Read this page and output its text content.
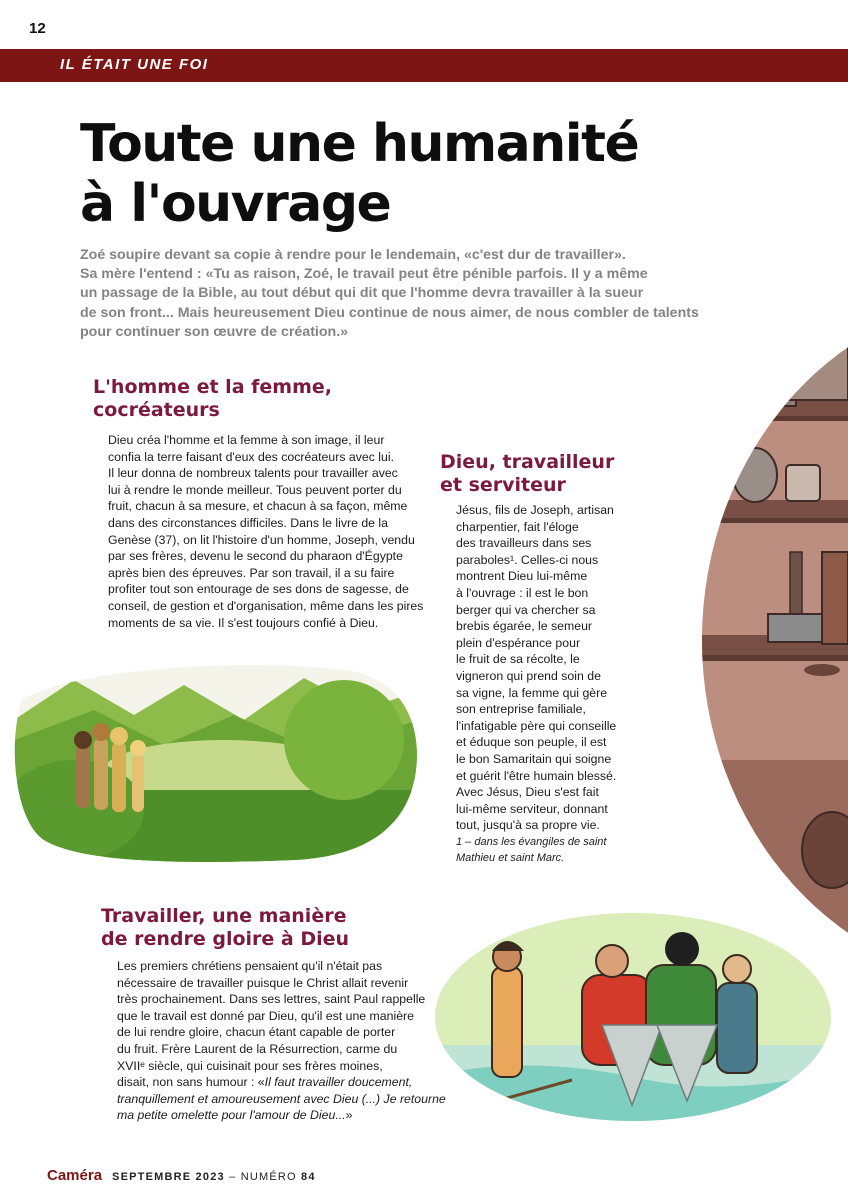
12
IL ÉTAIT UNE FOI
Toute une humanité
à l'ouvrage
Zoé soupire devant sa copie à rendre pour le lendemain, «c'est dur de travailler».
Sa mère l'entend : «Tu as raison, Zoé, le travail peut être pénible parfois. Il y a même
un passage de la Bible, au tout début qui dit que l'homme devra travailler à la sueur
de son front... Mais heureusement Dieu continue de nous aimer, de nous combler de talents
pour continuer son œuvre de création.»
L'homme et la femme,
cocréateurs
Dieu créa l'homme et la femme à son image, il leur
confia la terre faisant d'eux des cocréateurs avec lui.
Il leur donna de nombreux talents pour travailler avec
lui à rendre le monde meilleur. Tous peuvent porter du
fruit, chacun à sa mesure, et chacun à sa façon, même
dans des circonstances difficiles. Dans le livre de la
Genèse (37), on lit l'histoire d'un homme, Joseph, vendu
par ses frères, devenu le second du pharaon d'Égypte
après bien des épreuves. Par son travail, il a su faire
profiter tout son entourage de ses dons de sagesse, de
conseil, de gestion et d'organisation, même dans les pires
moments de sa vie. Il s'est toujours confié à Dieu.
Dieu, travailleur
et serviteur
Jésus, fils de Joseph, artisan
charpentier, fait l'éloge
des travailleurs dans ses
paraboles¹. Celles-ci nous
montrent Dieu lui-même
à l'ouvrage : il est le bon
berger qui va chercher sa
brebis égarée, le semeur
plein d'espérance pour
le fruit de sa récolte, le
vigneron qui prend soin de
sa vigne, la femme qui gère
son entreprise familiale,
l'infatigable père qui conseille
et éduque son peuple, il est
le bon Samaritain qui soigne
et guérit l'être humain blessé.
Avec Jésus, Dieu s'est fait
lui-même serviteur, donnant
tout, jusqu'à sa propre vie.
1 – dans les évangiles de saint
Mathieu et saint Marc.
Travailler, une manière
de rendre gloire à Dieu
Les premiers chrétiens pensaient qu'il n'était pas
nécessaire de travailler puisque le Christ allait revenir
très prochainement. Dans ses lettres, saint Paul rappelle
que le travail est donné par Dieu, qu'il est une manière
de lui rendre gloire, chacun étant capable de porter
du fruit. Frère Laurent de la Résurrection, carme du
XVIIᵉ siècle, qui cuisinait pour ses frères moines,
disait, non sans humour : «Il faut travailler doucement,
tranquillement et amoureusement avec Dieu (...) Je retourne
ma petite omelette pour l'amour de Dieu...»
Caméra SEPTEMBRE 2023 – NUMÉRO 84
